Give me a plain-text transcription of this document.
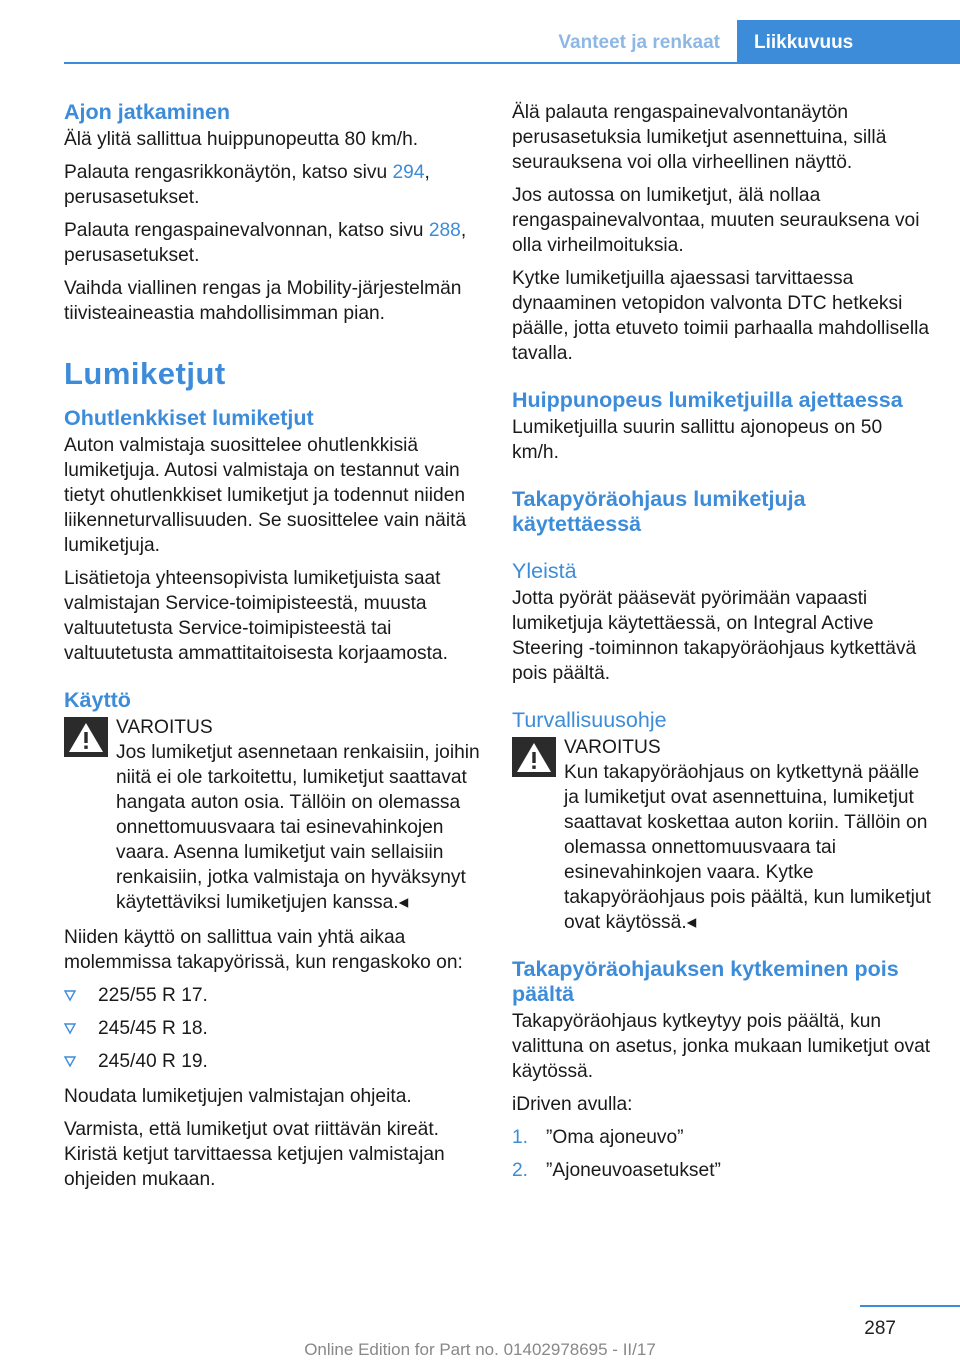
Vanteet ja renkaat	Liikkuvuus
Ajon jatkaminen

Älä ylitä sallittua huippunopeutta 80 km/h.

Palauta rengasrikkonäytön, katso sivu 294, perusasetukset.

Palauta rengaspainevalvonnan, katso sivu 288, perusasetukset.

Vaihda viallinen rengas ja Mobility-järjestelmän tiivisteaineastia mahdollisimman pian.

Lumiketjut
Ohutlenkkiset lumiketjut

Auton valmistaja suosittelee ohutlenkkisiä lumiketjuja. Autosi valmistaja on testannut vain tietyt ohutlenkkiset lumiketjut ja todennut niiden liikenneturvallisuuden. Se suosittelee vain näitä lumiketjuja.

Lisätietoja yhteensopivista lumiketjuista saat valmistajan Service-toimipisteestä, muusta valtuutetusta Service-toimipisteestä tai valtuutetusta ammattitaitoisesta korjaamosta.

Käyttö

VAROITUS

Jos lumiketjut asennetaan renkaisiin, joihin niitä ei ole tarkoitettu, lumiketjut saattavat hangata auton osia. Tällöin on olemassa onnettomuusvaara tai esinevahinkojen vaara. Asenna lumiketjut vain sellaisiin renkaisiin, jotka valmistaja on hyväksynyt käytettäviksi lumiketjujen kanssa.◂

Niiden käyttö on sallittua vain yhtä aikaa molemmissa takapyörissä, kun rengaskoko on:

225/55 R 17.
245/45 R 18.
245/40 R 19.

Noudata lumiketjujen valmistajan ohjeita.

Varmista, että lumiketjut ovat riittävän kireät. Kiristä ketjut tarvittaessa ketjujen valmistajan ohjeiden mukaan.

Älä palauta rengaspainevalvontanäytön perusasetuksia lumiketjut asennettuina, sillä seurauksena voi olla virheellinen näyttö.

Jos autossa on lumiketjut, älä nollaa rengaspainevalvontaa, muuten seurauksena voi olla virheilmoituksia.

Kytke lumiketjuilla ajaessasi tarvittaessa dynaaminen vetopidon valvonta DTC hetkeksi päälle, jotta etuveto toimii parhaalla mahdollisella tavalla.

Huippunopeus lumiketjuilla ajettaessa

Lumiketjuilla suurin sallittu ajonopeus on 50 km/h.

Takapyöräohjaus lumiketjuja käytettäessä
Yleistä

Jotta pyörät pääsevät pyörimään vapaasti lumiketjuja käytettäessä, on Integral Active Steering -toiminnon takapyöräohjaus kytkettävä pois päältä.

Turvallisuusohje

VAROITUS

Kun takapyöräohjaus on kytkettynä päälle ja lumiketjut ovat asennettuina, lumiketjut saattavat koskettaa auton koriin. Tällöin on olemassa onnettomuusvaara tai esinevahinkojen vaara. Kytke takapyöräohjaus pois päältä, kun lumiketjut ovat käytössä.◂

Takapyöräohjauksen kytkeminen pois päältä

Takapyöräohjaus kytkeytyy pois päältä, kun valittuna on asetus, jonka mukaan lumiketjut ovat käytössä.

iDriven avulla:

1. ”Oma ajoneuvo”
2. ”Ajoneuvoasetukset”
287
Online Edition for Part no. 01402978695 - II/17
